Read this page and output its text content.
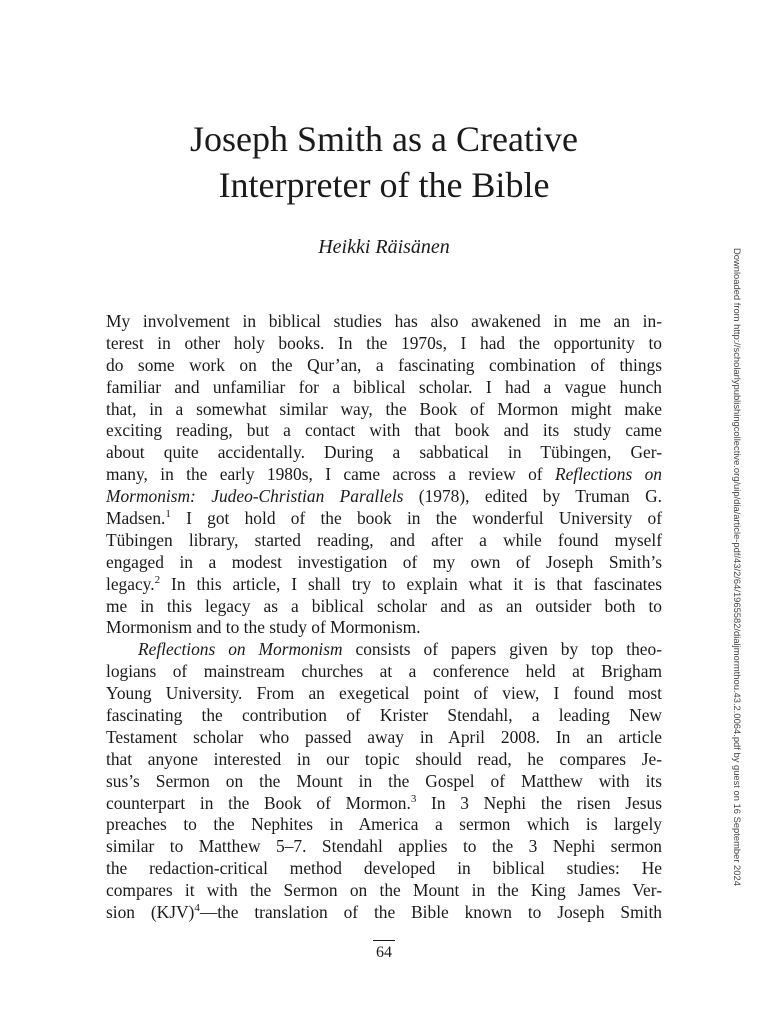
Joseph Smith as a Creative
Interpreter of the Bible
Heikki Räisänen
My involvement in biblical studies has also awakened in me an in-
terest in other holy books. In the 1970s, I had the opportunity to
do some work on the Qur’an, a fascinating combination of things
familiar and unfamiliar for a biblical scholar. I had a vague hunch
that, in a somewhat similar way, the Book of Mormon might make
exciting reading, but a contact with that book and its study came
about quite accidentally. During a sabbatical in Tübingen, Ger-
many, in the early 1980s, I came across a review of Reflections on
Mormonism: Judeo-Christian Parallels (1978), edited by Truman G.
Madsen.$^1$ I got hold of the book in the wonderful University of
Tübingen library, started reading, and after a while found myself
engaged in a modest investigation of my own of Joseph Smith’s
legacy.$^2$ In this article, I shall try to explain what it is that fascinates
me in this legacy as a biblical scholar and as an outsider both to
Mormonism and to the study of Mormonism.
Reflections on Mormonism consists of papers given by top theo-
logians of mainstream churches at a conference held at Brigham
Young University. From an exegetical point of view, I found most
fascinating the contribution of Krister Stendahl, a leading New
Testament scholar who passed away in April 2008. In an article
that anyone interested in our topic should read, he compares Je-
sus’s Sermon on the Mount in the Gospel of Matthew with its
counterpart in the Book of Mormon.$^3$ In 3 Nephi the risen Jesus
preaches to the Nephites in America a sermon which is largely
similar to Matthew 5–7. Stendahl applies to the 3 Nephi sermon
the redaction-critical method developed in biblical studies: He
compares it with the Sermon on the Mount in the King James Ver-
sion (KJV)$^4$—the translation of the Bible known to Joseph Smith
Downloaded from http://scholarlypublishingcollective.org/uip/dia/article-pdf/43/2/64/1965582/dialjmormthou.43.2.0064.pdf by guest on 16 September 2024
64
